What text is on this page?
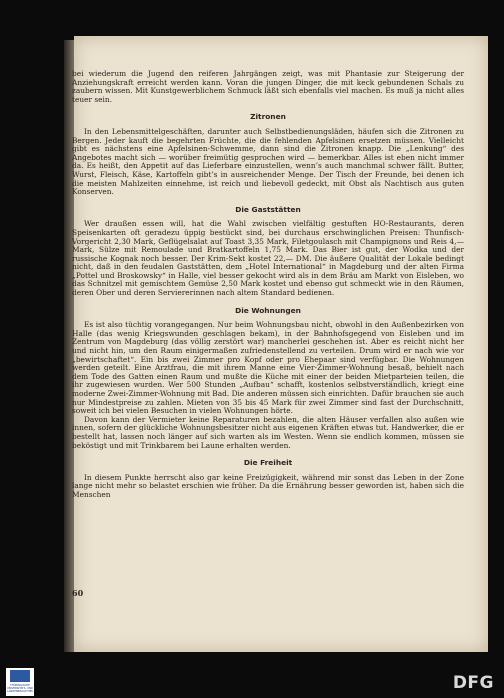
bei wiederum die Jugend den reiferen Jahrgängen zeigt, was mit Phantasie zur Steigerung der Anziehungskraft erreicht werden kann. Voran die jungen Dinger, die mit keck gebundenen Schals zu zaubern wissen. Mit Kunstgewerblichem Schmuck läßt sich ebenfalls viel machen. Es muß ja nicht alles teuer sein.

Zitronen

In den Lebensmittelgeschäften, darunter auch Selbstbedienungsläden, häufen sich die Zitronen zu Bergen. Jeder kauft die begehrten Früchte, die die fehlenden Apfelsinen ersetzen müssen. Vielleicht gibt es nächstens eine Apfelsinen-Schwemme, dann sind die Zitronen knapp. Die „Lenkung“ des Angebotes macht sich — worüber freimütig gesprochen wird — bemerkbar. Alles ist eben nicht immer da. Es heißt, den Appetit auf das Lieferbare einzustellen, wenn’s auch manchmal schwer fällt. Butter, Wurst, Fleisch, Käse, Kartoffeln gibt’s in ausreichender Menge. Der Tisch der Freunde, bei denen ich die meisten Mahlzeiten einnehme, ist reich und liebevoll gedeckt, mit Obst als Nachtisch aus guten Konserven.

Die Gaststätten

Wer draußen essen will, hat die Wahl zwischen vielfältig gestuften HO-Restaurants, deren Speisenkarten oft geradezu üppig bestückt sind, bei durchaus erschwinglichen Preisen: Thunfisch-Vorgericht 2,30 Mark, Geflügelsalat auf Toast 3,35 Mark, Filetgoulasch mit Champignons und Reis 4,—Mark, Sülze mit Remoulade und Bratkartoffeln 1,75 Mark. Das Bier ist gut, der Wodka und der russische Kognak noch besser. Der Krim-Sekt kostet 22,— DM. Die äußere Qualität der Lokale bedingt nicht, daß in den feudalen Gaststätten, dem „Hotel International“ in Magdeburg und der alten Firma „Pottel und Broskowsky“ in Halle, viel besser gekocht wird als in dem Bräu am Markt von Eisleben, wo das Schnitzel mit gemischtem Gemüse 2,50 Mark kostet und ebenso gut schmeckt wie in den Räumen, deren Ober und deren Serviererinnen nach altem Standard bedienen.

Die Wohnungen

Es ist also tüchtig vorangegangen. Nur beim Wohnungsbau nicht, obwohl in den Außenbezirken von Halle (das wenig Kriegswunden geschlagen bekam), in der Bahnhofsgegend von Eisleben und im Zentrum von Magdeburg (das völlig zerstört war) mancherlei geschehen ist. Aber es reicht nicht her und nicht hin, um den Raum einigermaßen zufriedenstellend zu verteilen. Drum wird er nach wie vor „bewirtschaftet“. Ein bis zwei Zimmer pro Kopf oder pro Ehepaar sind verfügbar. Die Wohnungen werden geteilt. Eine Arztfrau, die mit ihrem Manne eine Vier-Zimmer-Wohnung besaß, behielt nach dem Tode des Gatten einen Raum und mußte die Küche mit einer der beiden Mietparteien teilen, die ihr zugewiesen wurden. Wer 500 Stunden „Aufbau“ schafft, kostenlos selbstverständlich, kriegt eine moderne Zwei-Zimmer-Wohnung mit Bad. Die anderen müssen sich einrichten. Dafür brauchen sie auch nur Mindestpreise zu zahlen. Mieten von 35 bis 45 Mark für zwei Zimmer sind fast der Durchschnitt, soweit ich bei vielen Besuchen in vielen Wohnungen hörte.

Davon kann der Vermieter keine Reparaturen bezahlen, die alten Häuser verfallen also außen wie innen, sofern der glückliche Wohnungsbesitzer nicht aus eigenen Kräften etwas tut. Handwerker, die er bestellt hat, lassen noch länger auf sich warten als im Westen. Wenn sie endlich kommen, müssen sie beköstigt und mit Trinkbarem bei Laune erhalten werden.

Die Freiheit

In diesem Punkte herrscht also gar keine Freizügigkeit, während mir sonst das Leben in der Zone lange nicht mehr so belastet erschien wie früher. Da die Ernährung besser geworden ist, haben sich die Menschen

60
THÜRINGISCHE UNIVERSITÄTS- UND LANDESBIBLIOTHEK	DFG
